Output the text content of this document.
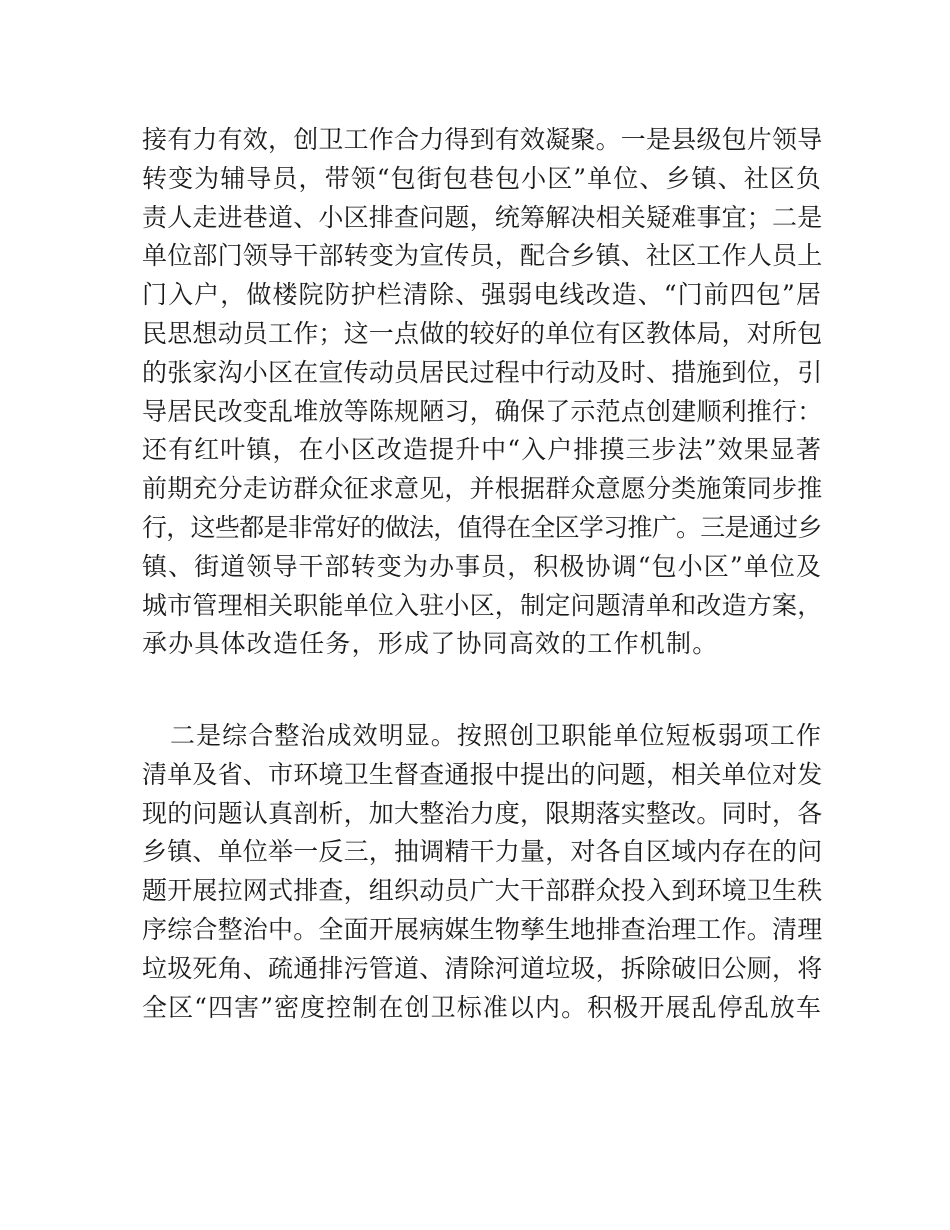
接有力有效，创卫工作合力得到有效凝聚。一是县级包片领导
转变为辅导员，带领“包街包巷包小区”单位、乡镇、社区负
责人走进巷道、小区排查问题，统筹解决相关疑难事宜；二是
单位部门领导干部转变为宣传员，配合乡镇、社区工作人员上
门入户，做楼院防护栏清除、强弱电线改造、“门前四包”居
民思想动员工作；这一点做的较好的单位有区教体局，对所包
的张家沟小区在宣传动员居民过程中行动及时、措施到位，引
导居民改变乱堆放等陈规陋习，确保了示范点创建顺利推行：
还有红叶镇，在小区改造提升中“入户排摸三步法”效果显著
前期充分走访群众征求意见，并根据群众意愿分类施策同步推
行，这些都是非常好的做法，值得在全区学习推广。三是通过乡
镇、街道领导干部转变为办事员，积极协调“包小区”单位及
城市管理相关职能单位入驻小区，制定问题清单和改造方案，
承办具体改造任务，形成了协同高效的工作机制。
二是综合整治成效明显。按照创卫职能单位短板弱项工作
清单及省、市环境卫生督查通报中提出的问题，相关单位对发
现的问题认真剖析，加大整治力度，限期落实整改。同时，各
乡镇、单位举一反三，抽调精干力量，对各自区域内存在的问
题开展拉网式排查，组织动员广大干部群众投入到环境卫生秩
序综合整治中。全面开展病媒生物孳生地排查治理工作。清理
垃圾死角、疏通排污管道、清除河道垃圾，拆除破旧公厕，将
全区“四害”密度控制在创卫标准以内。积极开展乱停乱放车
